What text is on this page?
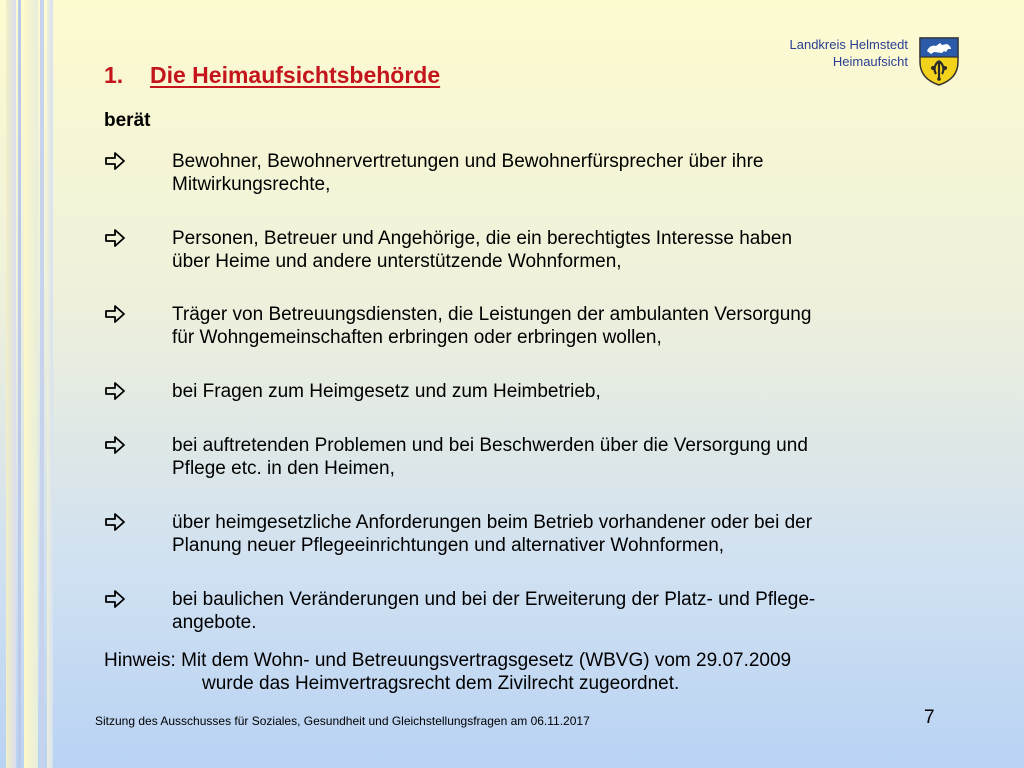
Landkreis Helmstedt
Heimaufsicht
1. Die Heimaufsichtsbehörde
berät
Bewohner, Bewohnervertretungen und Bewohnerfürsprecher über ihre
Mitwirkungsrechte,
Personen, Betreuer und Angehörige, die ein berechtigtes Interesse haben
über Heime und andere unterstützende Wohnformen,
Träger von Betreuungsdiensten, die Leistungen der ambulanten Versorgung
für Wohngemeinschaften erbringen oder erbringen wollen,
bei Fragen zum Heimgesetz und zum Heimbetrieb,
bei auftretenden Problemen und bei Beschwerden über die Versorgung und
Pflege etc. in den Heimen,
über heimgesetzliche Anforderungen beim Betrieb vorhandener oder bei der
Planung neuer Pflegeeinrichtungen und alternativer Wohnformen,
bei baulichen Veränderungen und bei der Erweiterung der Platz- und Pflege-
angebote.
Hinweis: Mit dem Wohn- und Betreuungsvertragsgesetz (WBVG) vom 29.07.2009
wurde das Heimvertragsrecht dem Zivilrecht zugeordnet.
Sitzung des Ausschusses für Soziales, Gesundheit und Gleichstellungsfragen am 06.11.2017	7
